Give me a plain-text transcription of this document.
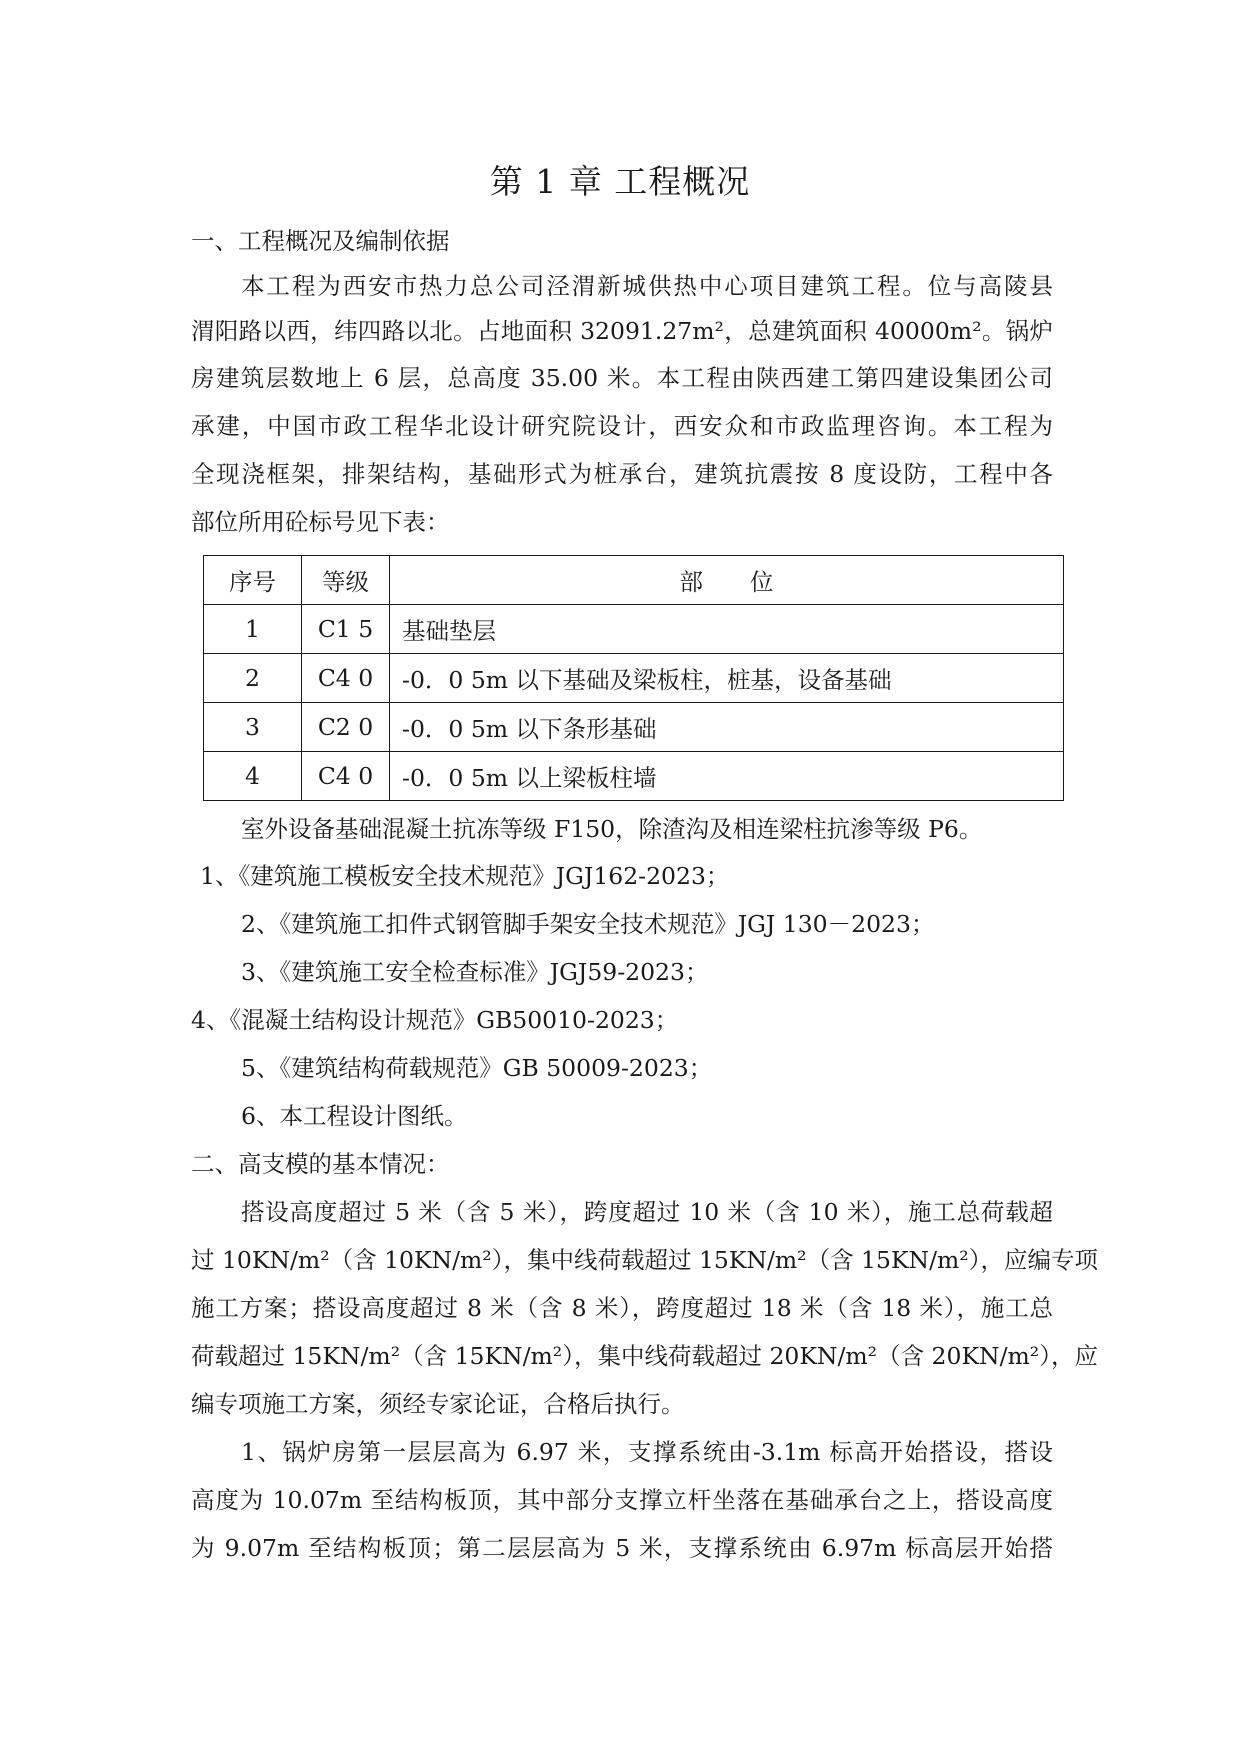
第 1 章 工程概况
一、工程概况及编制依据
本工程为西安市热力总公司泾渭新城供热中心项目建筑工程。位与高陵县
渭阳路以西，纬四路以北。占地面积 32091.27m²，总建筑面积 40000m²。锅炉
房建筑层数地上 6 层，总高度 35.00 米。本工程由陕西建工第四建设集团公司
承建，中国市政工程华北设计研究院设计，西安众和市政监理咨询。本工程为
全现浇框架，排架结构，基础形式为桩承台，建筑抗震按 8 度设防，工程中各
部位所用砼标号见下表：
序号	等级	部　　位
1	C1 5	基础垫层
2	C4 0	-0．0 5m 以下基础及梁板柱，桩基，设备基础
3	C2 0	-0．0 5m 以下条形基础
4	C4 0	-0．0 5m 以上梁板柱墙
室外设备基础混凝土抗冻等级 F150，除渣沟及相连梁柱抗渗等级 P6。
1、《建筑施工模板安全技术规范》JGJ162-2023；
2、《建筑施工扣件式钢管脚手架安全技术规范》JGJ 130－2023；
3、《建筑施工安全检查标准》JGJ59-2023；
4、《混凝土结构设计规范》GB50010-2023；
5、《建筑结构荷载规范》GB 50009-2023；
6、本工程设计图纸。
二、高支模的基本情况：
搭设高度超过 5 米（含 5 米），跨度超过 10 米（含 10 米），施工总荷载超
过 10KN/m²（含 10KN/m²），集中线荷载超过 15KN/m²（含 15KN/m²），应编专项
施工方案；搭设高度超过 8 米（含 8 米），跨度超过 18 米（含 18 米），施工总
荷载超过 15KN/m²（含 15KN/m²），集中线荷载超过 20KN/m²（含 20KN/m²），应
编专项施工方案，须经专家论证，合格后执行。
1、锅炉房第一层层高为 6.97 米，支撑系统由-3.1m 标高开始搭设，搭设
高度为 10.07m 至结构板顶，其中部分支撑立杆坐落在基础承台之上，搭设高度
为 9.07m 至结构板顶；第二层层高为 5 米，支撑系统由 6.97m 标高层开始搭
